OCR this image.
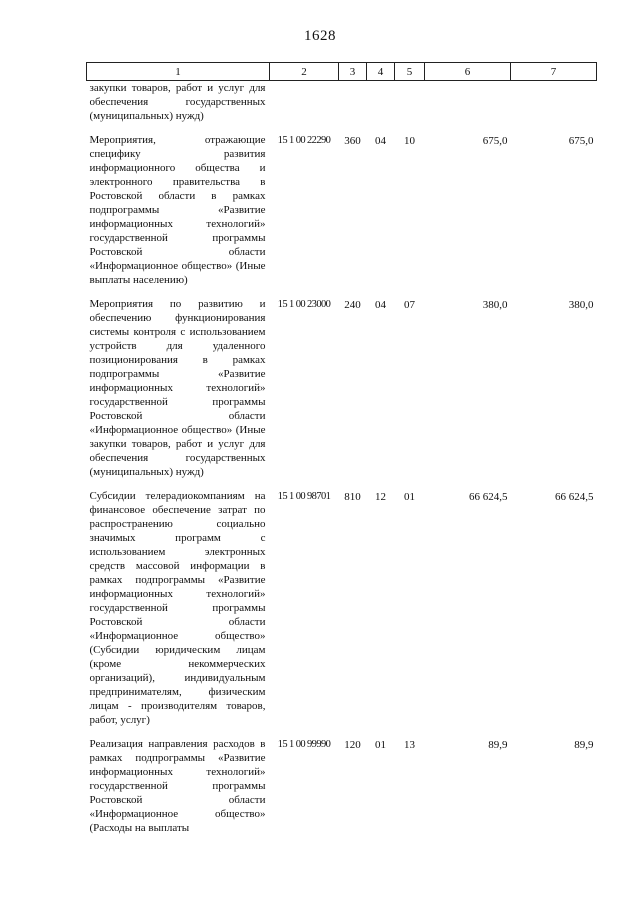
1628
1	2	3	4	5	6	7
закупки товаров, работ и услуг для обеспечения государственных (муниципальных) нужд)						

Мероприятия, отражающие специфику развития информационного общества и электронного правительства в Ростовской области в рамках подпрограммы «Развитие информационных технологий» государственной программы Ростовской области «Информационное общество» (Иные выплаты населению)	15 1 00 22290	360	04	10	675,0	675,0

Мероприятия по развитию и обеспечению функционирования системы контроля с использованием устройств для удаленного позиционирования в рамках подпрограммы «Развитие информационных технологий» государственной программы Ростовской области «Информационное общество» (Иные закупки товаров, работ и услуг для обеспечения государственных (муниципальных) нужд)	15 1 00 23000	240	04	07	380,0	380,0

Субсидии телерадиокомпаниям на финансовое обеспечение затрат по распространению социально значимых программ с использованием электронных средств массовой информации в рамках подпрограммы «Развитие информационных технологий» государственной программы Ростовской области «Информационное общество» (Субсидии юридическим лицам (кроме некоммерческих организаций), индивидуальным предпринимателям, физическим лицам - производителям товаров, работ, услуг)	15 1 00 98701	810	12	01	66 624,5	66 624,5

Реализация направления расходов в рамках подпрограммы «Развитие информационных технологий» государственной программы Ростовской области «Информационное общество» (Расходы на выплаты	15 1 00 99990	120	01	13	89,9	89,9
